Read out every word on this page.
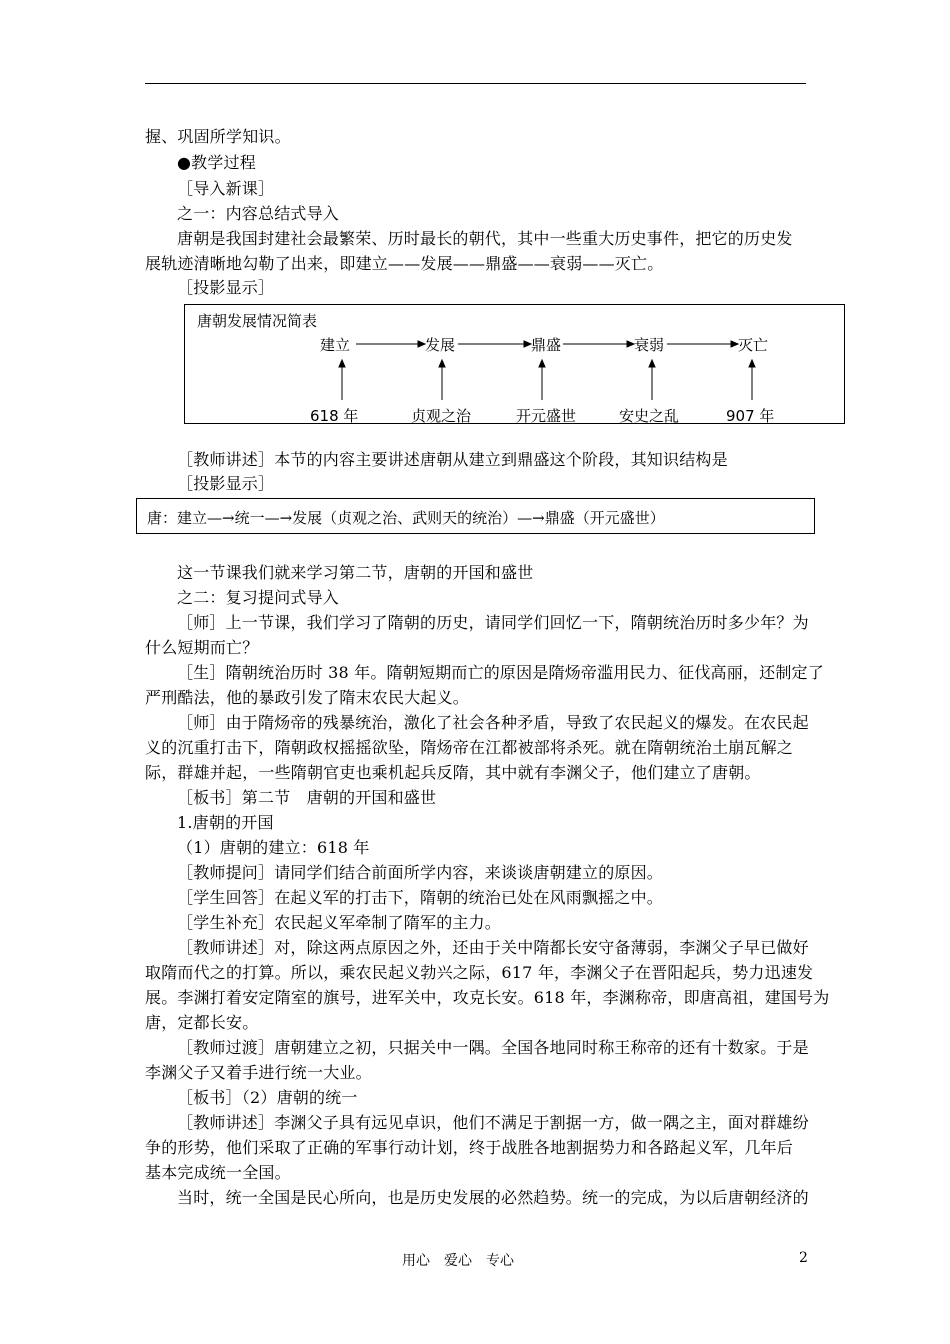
握、巩固所学知识。
●教学过程
［导入新课］
之一：内容总结式导入
唐朝是我国封建社会最繁荣、历时最长的朝代，其中一些重大历史事件，把它的历史发
展轨迹清晰地勾勒了出来，即建立——发展——鼎盛——衰弱——灭亡。
［投影显示］
唐朝发展情况简表
建立	发展	鼎盛	衰弱	灭亡
618 年	贞观之治	开元盛世	安史之乱	907 年
［教师讲述］本节的内容主要讲述唐朝从建立到鼎盛这个阶段，其知识结构是
［投影显示］
唐：建立—→统一—→发展（贞观之治、武则天的统治）—→鼎盛（开元盛世）
这一节课我们就来学习第二节，唐朝的开国和盛世
之二：复习提问式导入
［师］上一节课，我们学习了隋朝的历史，请同学们回忆一下，隋朝统治历时多少年？为
什么短期而亡？
［生］隋朝统治历时 38 年。隋朝短期而亡的原因是隋炀帝滥用民力、征伐高丽，还制定了
严刑酷法，他的暴政引发了隋末农民大起义。
［师］由于隋炀帝的残暴统治，激化了社会各种矛盾，导致了农民起义的爆发。在农民起
义的沉重打击下，隋朝政权摇摇欲坠，隋炀帝在江都被部将杀死。就在隋朝统治土崩瓦解之
际，群雄并起，一些隋朝官吏也乘机起兵反隋，其中就有李渊父子，他们建立了唐朝。
［板书］第二节　唐朝的开国和盛世
1.唐朝的开国
（1）唐朝的建立：618 年
［教师提问］请同学们结合前面所学内容，来谈谈唐朝建立的原因。
［学生回答］在起义军的打击下，隋朝的统治已处在风雨飘摇之中。
［学生补充］农民起义军牵制了隋军的主力。
［教师讲述］对，除这两点原因之外，还由于关中隋都长安守备薄弱，李渊父子早已做好
取隋而代之的打算。所以，乘农民起义勃兴之际，617 年，李渊父子在晋阳起兵，势力迅速发
展。李渊打着安定隋室的旗号，进军关中，攻克长安。618 年，李渊称帝，即唐高祖，建国号为
唐，定都长安。
［教师过渡］唐朝建立之初，只据关中一隅。全国各地同时称王称帝的还有十数家。于是
李渊父子又着手进行统一大业。
［板书］（2）唐朝的统一
［教师讲述］李渊父子具有远见卓识，他们不满足于割据一方，做一隅之主，面对群雄纷
争的形势，他们采取了正确的军事行动计划，终于战胜各地割据势力和各路起义军，几年后
基本完成统一全国。
当时，统一全国是民心所向，也是历史发展的必然趋势。统一的完成，为以后唐朝经济的
用心　爱心　专心	2
